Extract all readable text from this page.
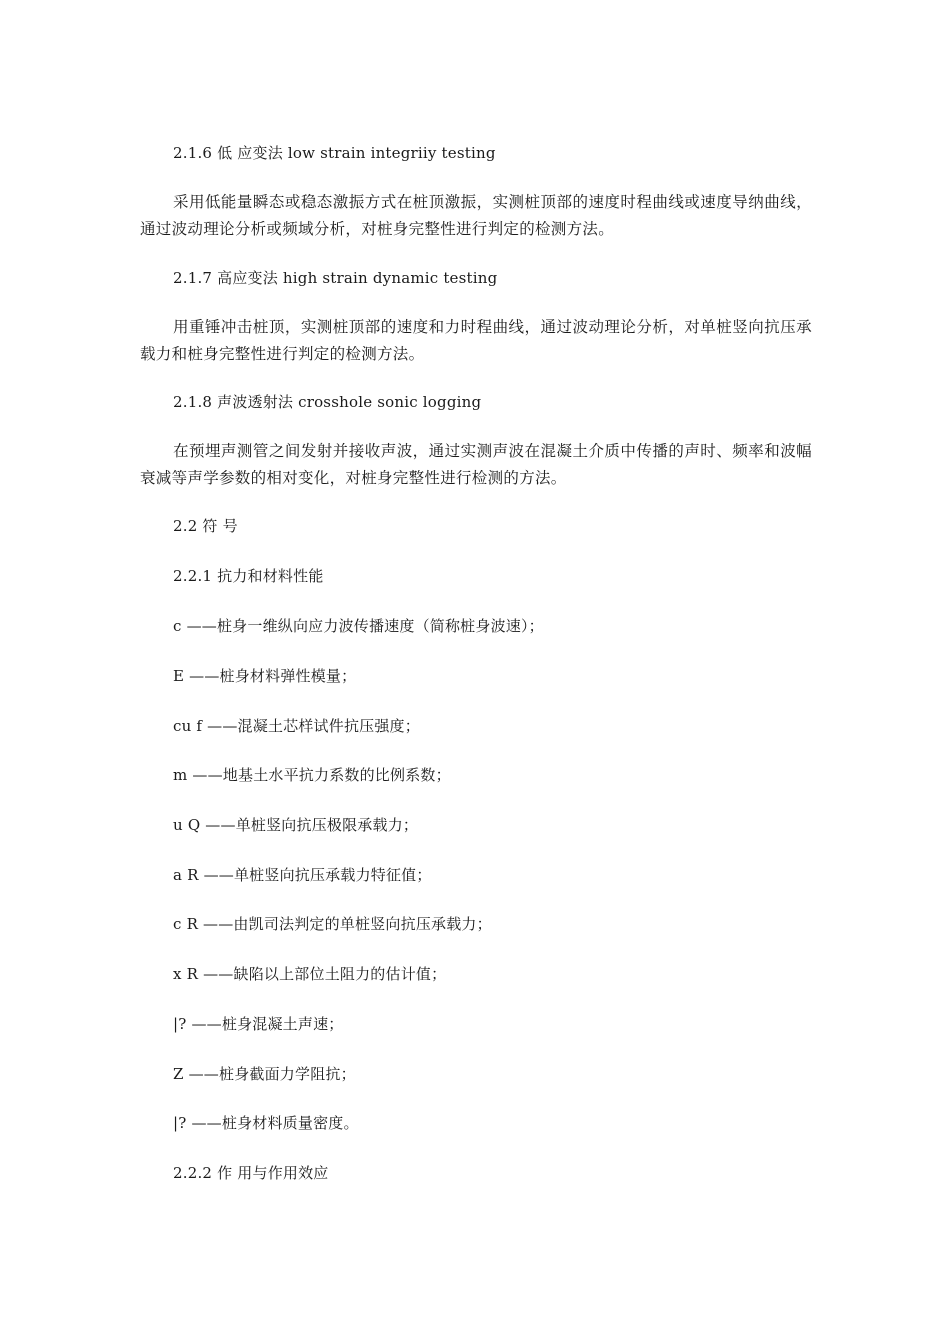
2.1.6 低 应变法 low strain integriiy testing
采用低能量瞬态或稳态激振方式在桩顶激振，实测桩顶部的速度时程曲线或速度导纳曲线，通过波动理论分析或频域分析，对桩身完整性进行判定的检测方法。
2.1.7 高应变法 high strain dynamic testing
用重锤冲击桩顶，实测桩顶部的速度和力时程曲线，通过波动理论分析，对单桩竖向抗压承载力和桩身完整性进行判定的检测方法。
2.1.8 声波透射法 crosshole sonic logging
在预埋声测管之间发射并接收声波，通过实测声波在混凝土介质中传播的声时、频率和波幅衰减等声学参数的相对变化，对桩身完整性进行检测的方法。
2.2 符 号
2.2.1 抗力和材料性能
c ——桩身一维纵向应力波传播速度（简称桩身波速）；
E ——桩身材料弹性模量；
cu f ——混凝土芯样试件抗压强度；
m ——地基土水平抗力系数的比例系数；
u Q ——单桩竖向抗压极限承载力；
a R ——单桩竖向抗压承载力特征值；
c R ——由凯司法判定的单桩竖向抗压承载力；
x R ——缺陷以上部位土阻力的估计值；
|? ——桩身混凝土声速；
Z ——桩身截面力学阻抗；
|? ——桩身材料质量密度。
2.2.2 作 用与作用效应
